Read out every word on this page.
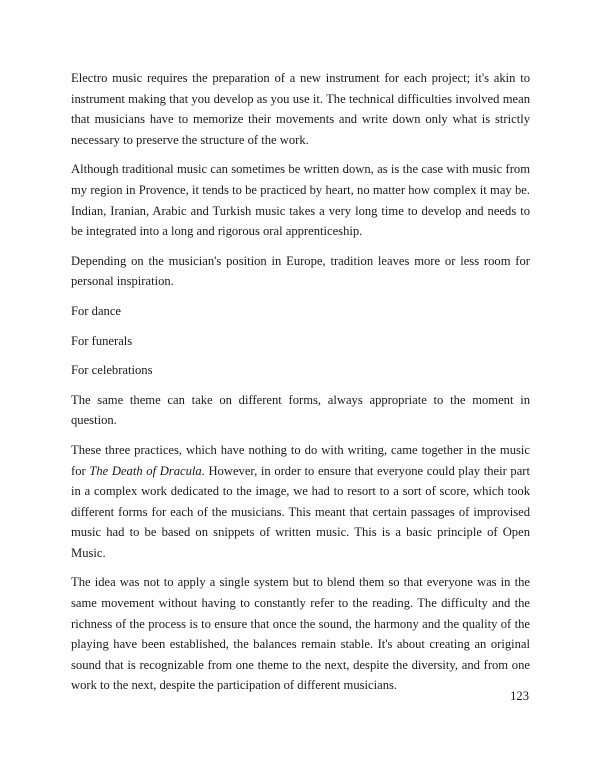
Electro music requires the preparation of a new instrument for each project; it's akin to instrument making that you develop as you use it. The technical difficulties involved mean that musicians have to memorize their movements and write down only what is strictly necessary to preserve the structure of the work.

Although traditional music can sometimes be written down, as is the case with music from my region in Provence, it tends to be practiced by heart, no matter how complex it may be. Indian, Iranian, Arabic and Turkish music takes a very long time to develop and needs to be integrated into a long and rigorous oral apprenticeship.

Depending on the musician's position in Europe, tradition leaves more or less room for personal inspiration.

For dance

For funerals

For celebrations

The same theme can take on different forms, always appropriate to the moment in question.

These three practices, which have nothing to do with writing, came together in the music for The Death of Dracula. However, in order to ensure that everyone could play their part in a complex work dedicated to the image, we had to resort to a sort of score, which took different forms for each of the musicians. This meant that certain passages of improvised music had to be based on snippets of written music. This is a basic principle of Open Music.

The idea was not to apply a single system but to blend them so that everyone was in the same movement without having to constantly refer to the reading. The difficulty and the richness of the process is to ensure that once the sound, the harmony and the quality of the playing have been established, the balances remain stable. It's about creating an original sound that is recognizable from one theme to the next, despite the diversity, and from one work to the next, despite the participation of different musicians.

123
